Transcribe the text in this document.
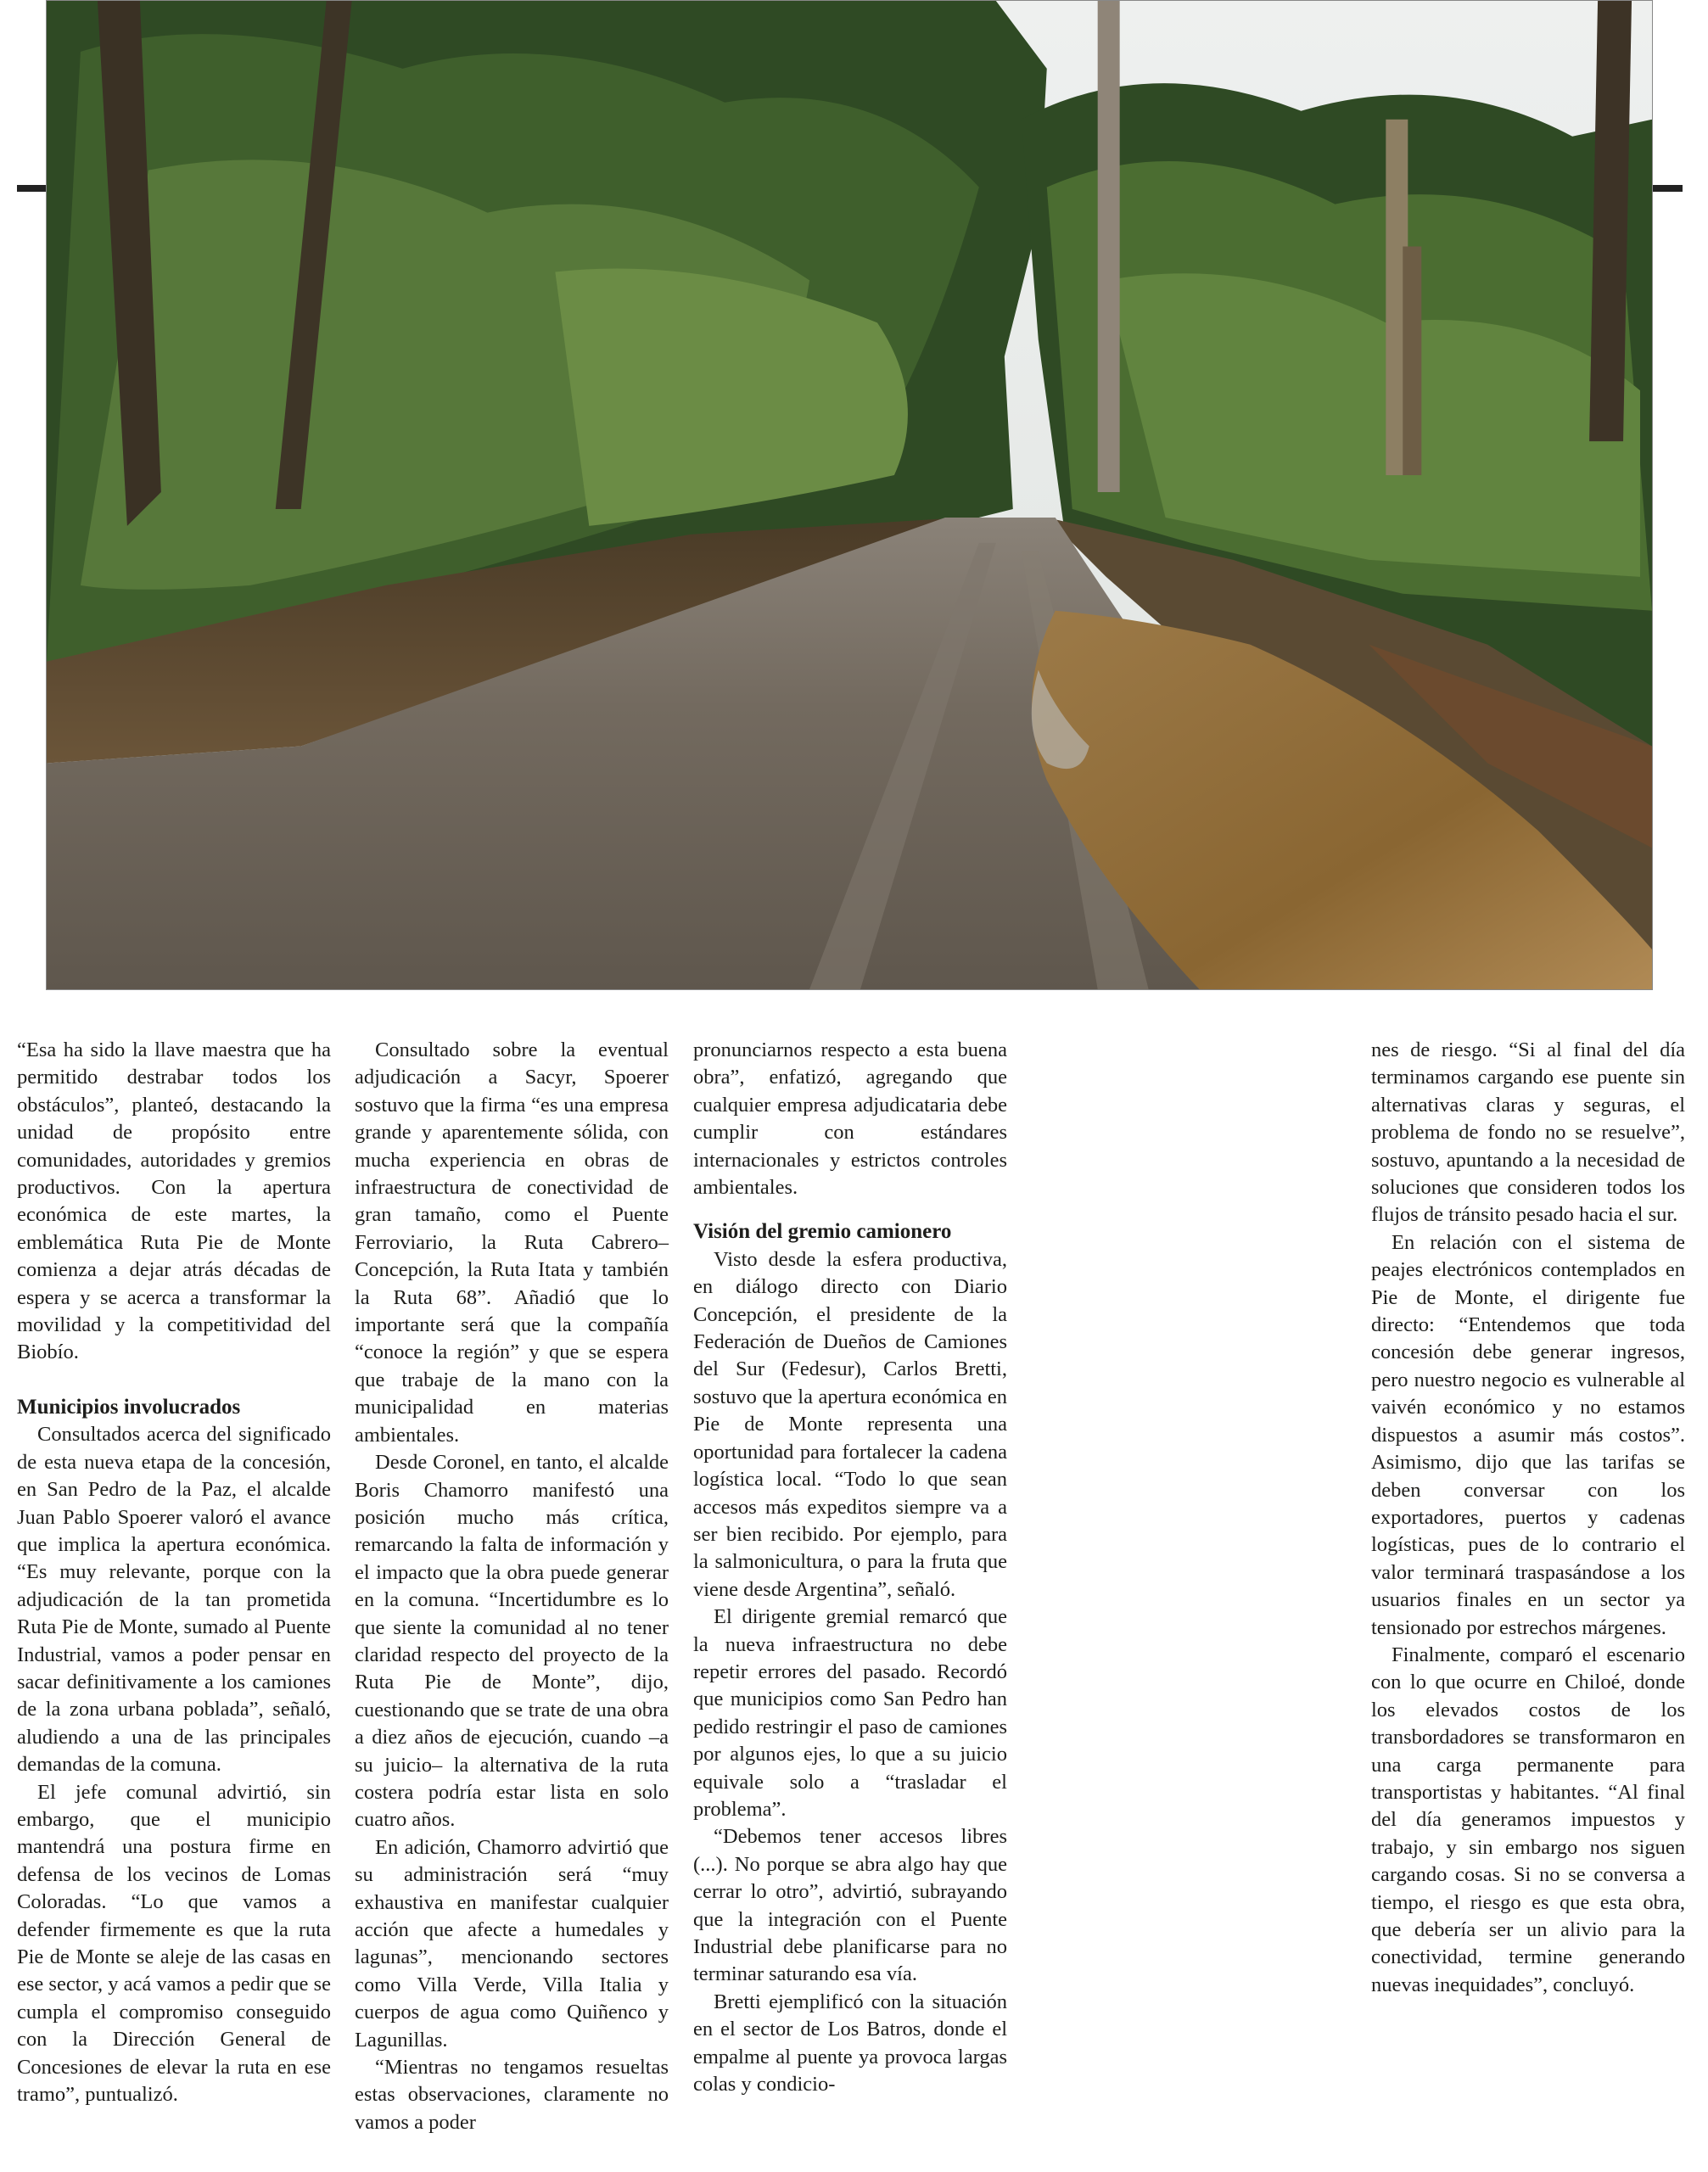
“Esa ha sido la llave maestra que ha permitido destrabar todos los obstáculos”, planteó, destacando la unidad de propósito entre comunidades, autoridades y gremios productivos. Con la apertura económica de este martes, la emblemática Ruta Pie de Monte comienza a dejar atrás décadas de espera y se acerca a transformar la movilidad y la competitividad del Biobío.

Municipios involucrados

Consultados acerca del significado de esta nueva etapa de la concesión, en San Pedro de la Paz, el alcalde Juan Pablo Spoerer valoró el avance que implica la apertura económica. “Es muy relevante, porque con la adjudicación de la tan prometida Ruta Pie de Monte, sumado al Puente Industrial, vamos a poder pensar en sacar definitivamente a los camiones de la zona urbana poblada”, señaló, aludiendo a una de las principales demandas de la comuna.

El jefe comunal advirtió, sin embargo, que el municipio mantendrá una postura firme en defensa de los vecinos de Lomas Coloradas. “Lo que vamos a defender firmemente es que la ruta Pie de Monte se aleje de las casas en ese sector, y acá vamos a pedir que se cumpla el compromiso conseguido con la Dirección General de Concesiones de elevar la ruta en ese tramo”, puntualizó.

Consultado sobre la eventual adjudicación a Sacyr, Spoerer sostuvo que la firma “es una empresa grande y aparentemente sólida, con mucha experiencia en obras de infraestructura de conectividad de gran tamaño, como el Puente Ferroviario, la Ruta Cabrero–Concepción, la Ruta Itata y también la Ruta 68”. Añadió que lo importante será que la compañía “conoce la región” y que se espera que trabaje de la mano con la municipalidad en materias ambientales.

Desde Coronel, en tanto, el alcalde Boris Chamorro manifestó una posición mucho más crítica, remarcando la falta de información y el impacto que la obra puede generar en la comuna. “Incertidumbre es lo que siente la comunidad al no tener claridad respecto del proyecto de la Ruta Pie de Monte”, dijo, cuestionando que se trate de una obra a diez años de ejecución, cuando –a su juicio– la alternativa de la ruta costera podría estar lista en solo cuatro años.

En adición, Chamorro advirtió que su administración será “muy exhaustiva en manifestar cualquier acción que afecte a humedales y lagunas”, mencionando sectores como Villa Verde, Villa Italia y cuerpos de agua como Quiñenco y Lagunillas.

“Mientras no tengamos resueltas estas observaciones, claramente no vamos a poder

pronunciarnos respecto a esta buena obra”, enfatizó, agregando que cualquier empresa adjudicataria debe cumplir con estándares internacionales y estrictos controles ambientales.

Visión del gremio camionero

Visto desde la esfera productiva, en diálogo directo con Diario Concepción, el presidente de la Federación de Dueños de Camiones del Sur (Fedesur), Carlos Bretti, sostuvo que la apertura económica en Pie de Monte representa una oportunidad para fortalecer la cadena logística local. “Todo lo que sean accesos más expeditos siempre va a ser bien recibido. Por ejemplo, para la salmonicultura, o para la fruta que viene desde Argentina”, señaló.

El dirigente gremial remarcó que la nueva infraestructura no debe repetir errores del pasado. Recordó que municipios como San Pedro han pedido restringir el paso de camiones por algunos ejes, lo que a su juicio equivale solo a “trasladar el problema”.

“Debemos tener accesos libres (...). No porque se abra algo hay que cerrar lo otro”, advirtió, subrayando que la integración con el Puente Industrial debe planificarse para no terminar saturando esa vía.

Bretti ejemplificó con la situación en el sector de Los Batros, donde el empalme al puente ya provoca largas colas y condicio-

nes de riesgo. “Si al final del día terminamos cargando ese puente sin alternativas claras y seguras, el problema de fondo no se resuelve”, sostuvo, apuntando a la necesidad de soluciones que consideren todos los flujos de tránsito pesado hacia el sur.

En relación con el sistema de peajes electrónicos contemplados en Pie de Monte, el dirigente fue directo: “Entendemos que toda concesión debe generar ingresos, pero nuestro negocio es vulnerable al vaivén económico y no estamos dispuestos a asumir más costos”. Asimismo, dijo que las tarifas se deben conversar con los exportadores, puertos y cadenas logísticas, pues de lo contrario el valor terminará traspasándose a los usuarios finales en un sector ya tensionado por estrechos márgenes.

Finalmente, comparó el escenario con lo que ocurre en Chiloé, donde los elevados costos de los transbordadores se transformaron en una carga permanente para transportistas y habitantes. “Al final del día generamos impuestos y trabajo, y sin embargo nos siguen cargando cosas. Si no se conversa a tiempo, el riesgo es que esta obra, que debería ser un alivio para la conectividad, termine generando nuevas inequidades”, concluyó.
